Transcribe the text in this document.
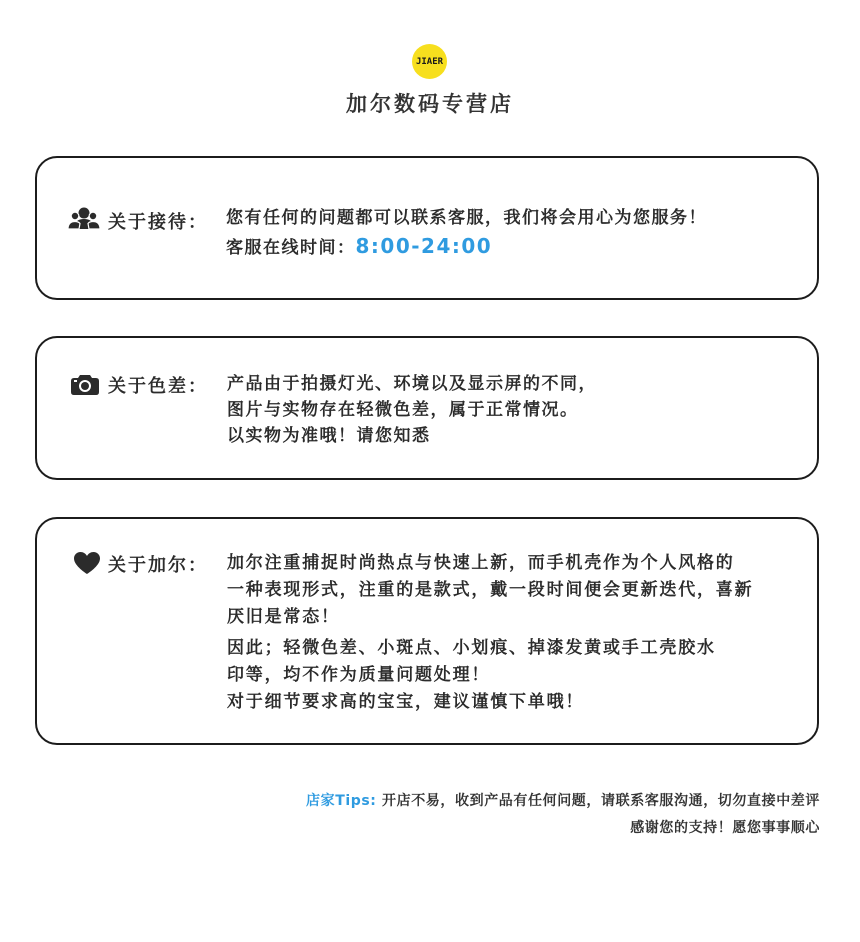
JIAER
加尔数码专营店
关于接待： 您有任何的问题都可以联系客服，我们将会用心为您服务！
客服在线时间：8:00-24:00
关于色差： 产品由于拍摄灯光、环境以及显示屏的不同，
图片与实物存在轻微色差，属于正常情况。
以实物为准哦！请您知悉
关于加尔： 加尔注重捕捉时尚热点与快速上新，而手机壳作为个人风格的
一种表现形式，注重的是款式，戴一段时间便会更新迭代，喜新
厌旧是常态！
因此；轻微色差、小斑点、小划痕、掉漆发黄或手工壳胶水
印等，均不作为质量问题处理！
对于细节要求高的宝宝，建议谨慎下单哦！
店家Tips: 开店不易，收到产品有任何问题，请联系客服沟通，切勿直接中差评
感谢您的支持！愿您事事顺心
